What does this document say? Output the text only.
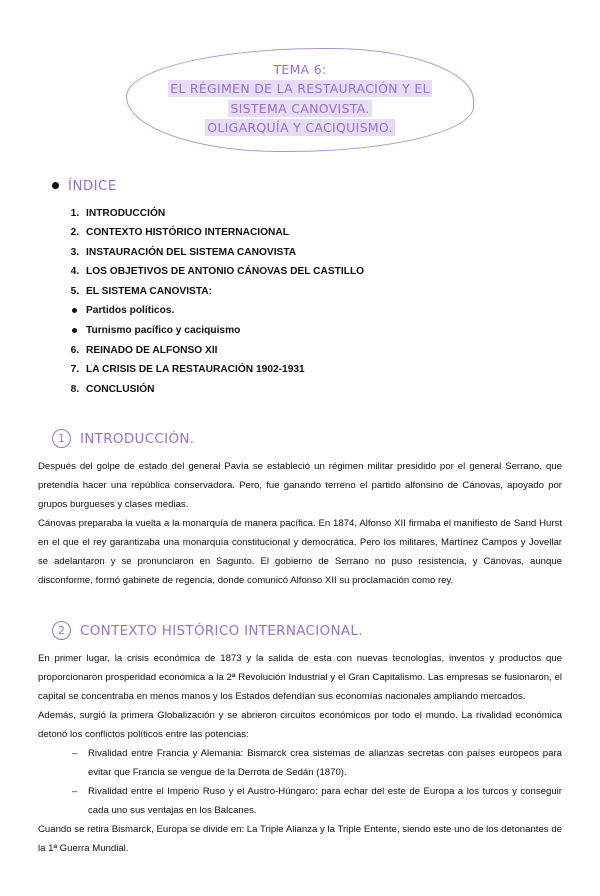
TEMA 6:
EL RÉGIMEN DE LA RESTAURACIÓN Y EL SISTEMA CANOVISTA.
OLIGARQUÍA Y CACIQUISMO.
ÍNDICE
1. INTRODUCCIÓN
2. CONTEXTO HISTÓRICO INTERNACIONAL
3. INSTAURACIÓN DEL SISTEMA CANOVISTA
4. LOS OBJETIVOS DE ANTONIO CÁNOVAS DEL CASTILLO
5. EL SISTEMA CANOVISTA:
Partidos políticos.
Turnismo pacífico y caciquismo
6. REINADO DE ALFONSO XII
7. LA CRISIS DE LA RESTAURACIÓN 1902-1931
8. CONCLUSIÓN
1	INTRODUCCIÓN.

Después del golpe de estado del general Pavía se estableció un régimen militar presidido por el general Serrano, que pretendía hacer una república conservadora. Pero, fue ganando terreno el partido alfonsino de Cánovas, apoyado por grupos burgueses y clases medias.

Cánovas preparaba la vuelta a la monarquía de manera pacífica. En 1874, Alfonso XII firmaba el manifiesto de Sand Hurst en el que el rey garantizaba una monarquía constitucional y democrática. Pero los militares, Martínez Campos y Jovellar se adelantaron y se pronunciaron en Sagunto. El gobierno de Serrano no puso resistencia, y Cánovas, aunque disconforme, formó gabinete de regencia, donde comunicó Alfonso XII su proclamación como rey.

2	CONTEXTO HISTÓRICO INTERNACIONAL.

En primer lugar, la crisis económica de 1873 y la salida de esta con nuevas tecnologías, inventos y productos que proporcionaron prosperidad económica a la 2ª Revolución Industrial y el Gran Capitalismo. Las empresas se fusionaron, el capital se concentraba en menos manos y los Estados defendían sus economías nacionales ampliando mercados.

Además, surgió la primera Globalización y se abrieron circuitos económicos por todo el mundo. La rivalidad económica detonó los conflictos políticos entre las potencias:

– Rivalidad entre Francia y Alemania: Bismarck crea sistemas de alianzas secretas con países europeos para evitar que Francia se vengue de la Derrota de Sedán (1870).
– Rivalidad entre el Imperio Ruso y el Austro-Húngaro: para echar del este de Europa a los turcos y conseguir cada uno sus ventajas en los Balcanes.

Cuando se retira Bismarck, Europa se divide en: La Triple Alianza y la Triple Entente, siendo este uno de los detonantes de la 1ª Guerra Mundial.
